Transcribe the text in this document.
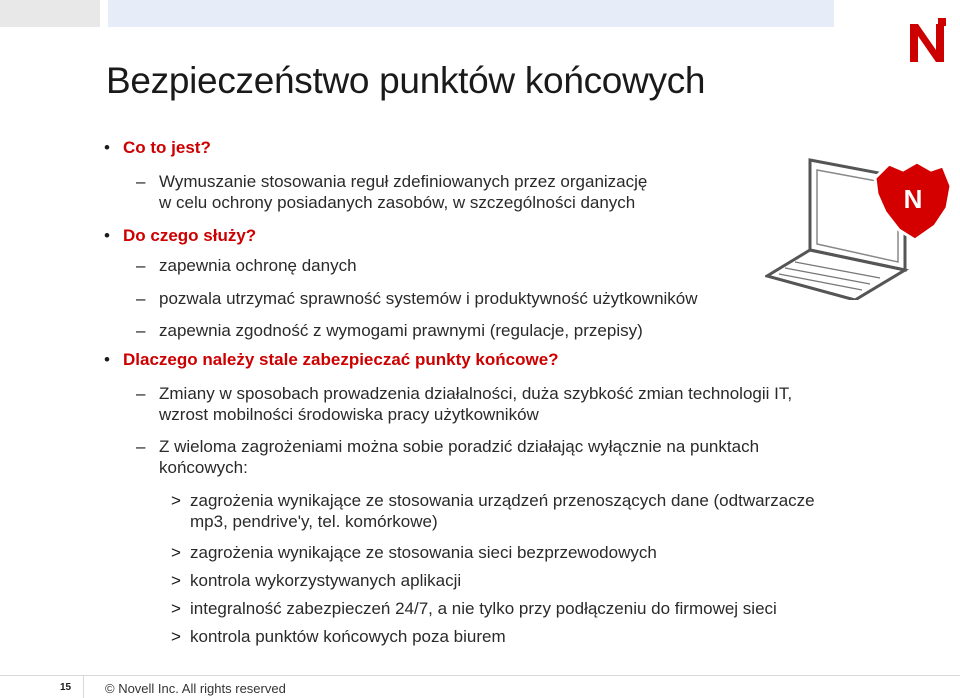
Bezpieczeństwo punktów końcowych
• Co to jest?
– Wymuszanie stosowania reguł zdefiniowanych przez organizację
w celu ochrony posiadanych zasobów, w szczególności danych
• Do czego służy?
– zapewnia ochronę danych
– pozwala utrzymać sprawność systemów i produktywność użytkowników
– zapewnia zgodność z wymogami prawnymi (regulacje, przepisy)
• Dlaczego należy stale zabezpieczać punkty końcowe?
– Zmiany w sposobach prowadzenia działalności, duża szybkość zmian technologii IT,
wzrost mobilności środowiska pracy użytkowników
– Z wieloma zagrożeniami można sobie poradzić działając wyłącznie na punktach
końcowych:
> zagrożenia wynikające ze stosowania urządzeń przenoszących dane (odtwarzacze
mp3, pendrive'y, tel. komórkowe)
> zagrożenia wynikające ze stosowania sieci bezprzewodowych
> kontrola wykorzystywanych aplikacji
> integralność zabezpieczeń 24/7, a nie tylko przy podłączeniu do firmowej sieci
> kontrola punktów końcowych poza biurem
N
15	© Novell Inc. All rights reserved
